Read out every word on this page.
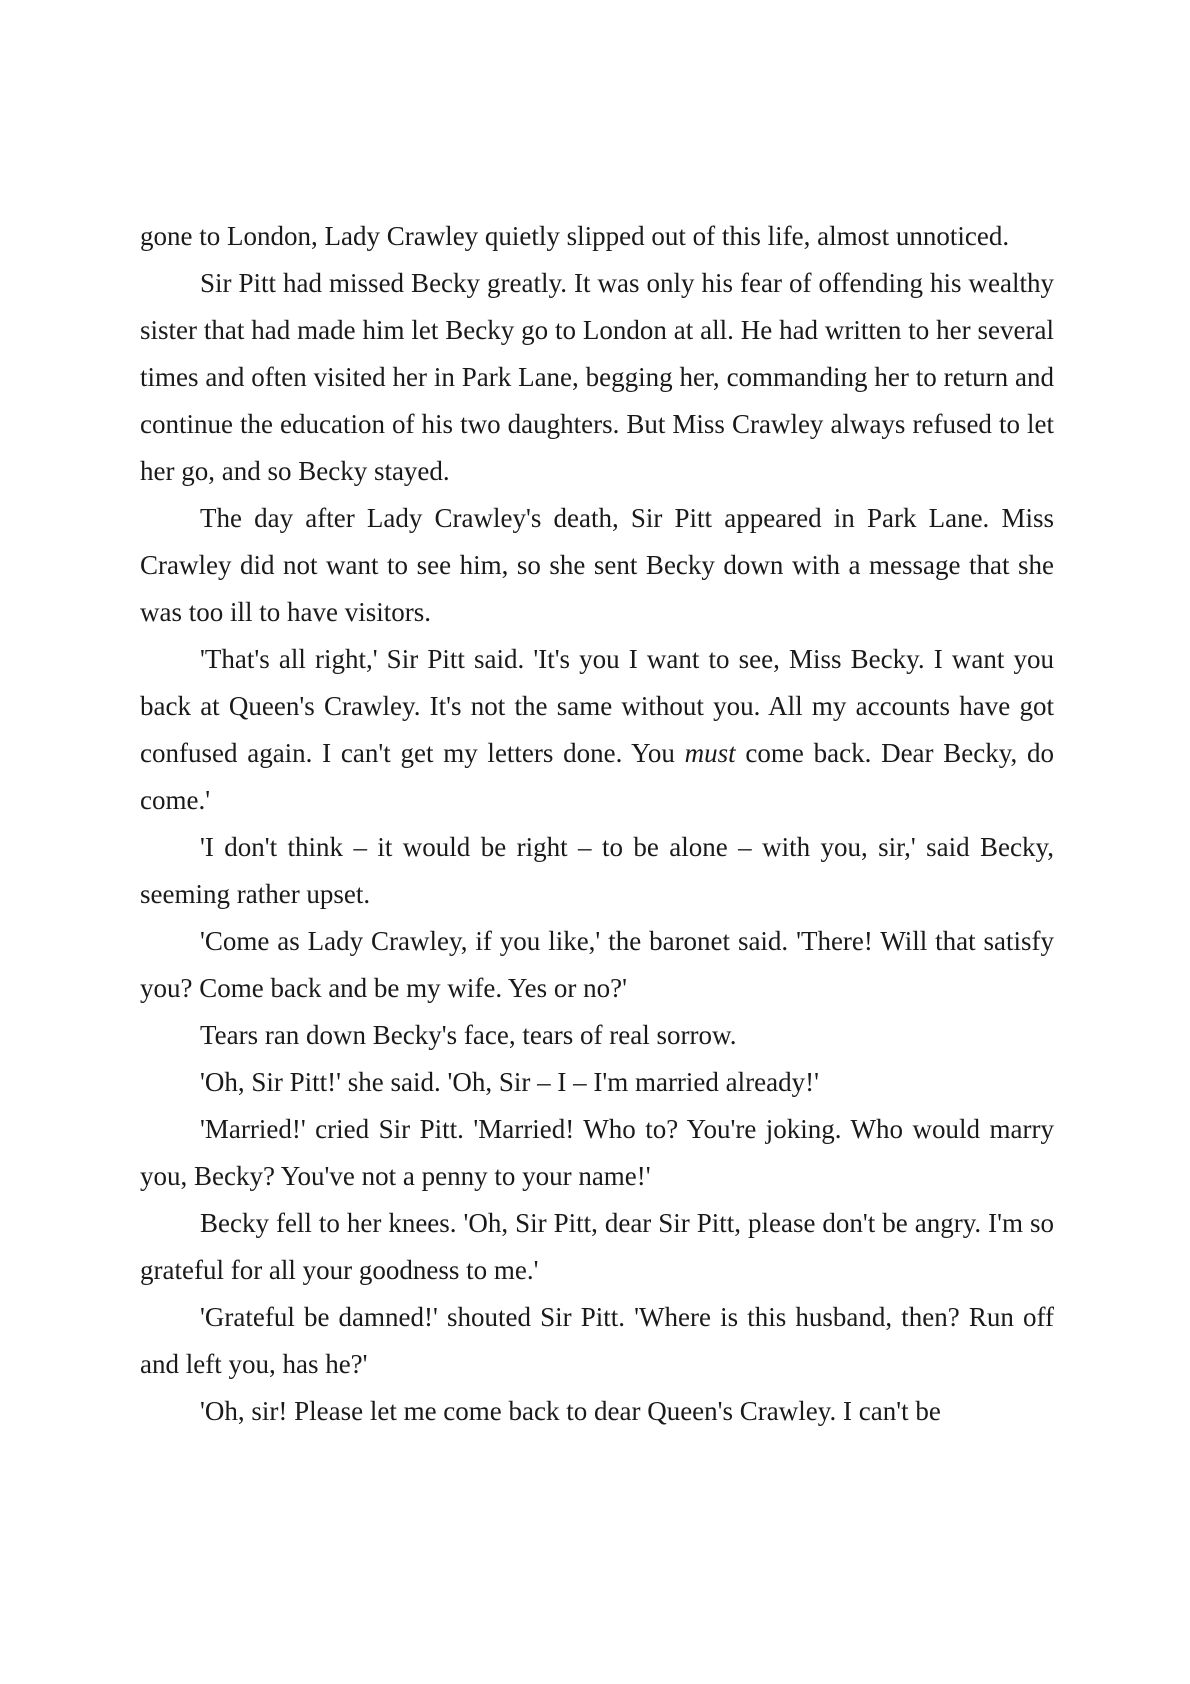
gone to London, Lady Crawley quietly slipped out of this life, almost unnoticed.

Sir Pitt had missed Becky greatly. It was only his fear of offending his wealthy sister that had made him let Becky go to London at all. He had written to her several times and often visited her in Park Lane, begging her, commanding her to return and continue the education of his two daughters. But Miss Crawley always refused to let her go, and so Becky stayed.

The day after Lady Crawley's death, Sir Pitt appeared in Park Lane. Miss Crawley did not want to see him, so she sent Becky down with a message that she was too ill to have visitors.

'That's all right,' Sir Pitt said. 'It's you I want to see, Miss Becky. I want you back at Queen's Crawley. It's not the same without you. All my accounts have got confused again. I can't get my letters done. You must come back. Dear Becky, do come.'

'I don't think – it would be right – to be alone – with you, sir,' said Becky, seeming rather upset.

'Come as Lady Crawley, if you like,' the baronet said. 'There! Will that satisfy you? Come back and be my wife. Yes or no?'

Tears ran down Becky's face, tears of real sorrow.

'Oh, Sir Pitt!' she said. 'Oh, Sir – I – I'm married already!'

'Married!' cried Sir Pitt. 'Married! Who to? You're joking. Who would marry you, Becky? You've not a penny to your name!'

Becky fell to her knees. 'Oh, Sir Pitt, dear Sir Pitt, please don't be angry. I'm so grateful for all your goodness to me.'

'Grateful be damned!' shouted Sir Pitt. 'Where is this husband, then? Run off and left you, has he?'

'Oh, sir! Please let me come back to dear Queen's Crawley. I can't be
